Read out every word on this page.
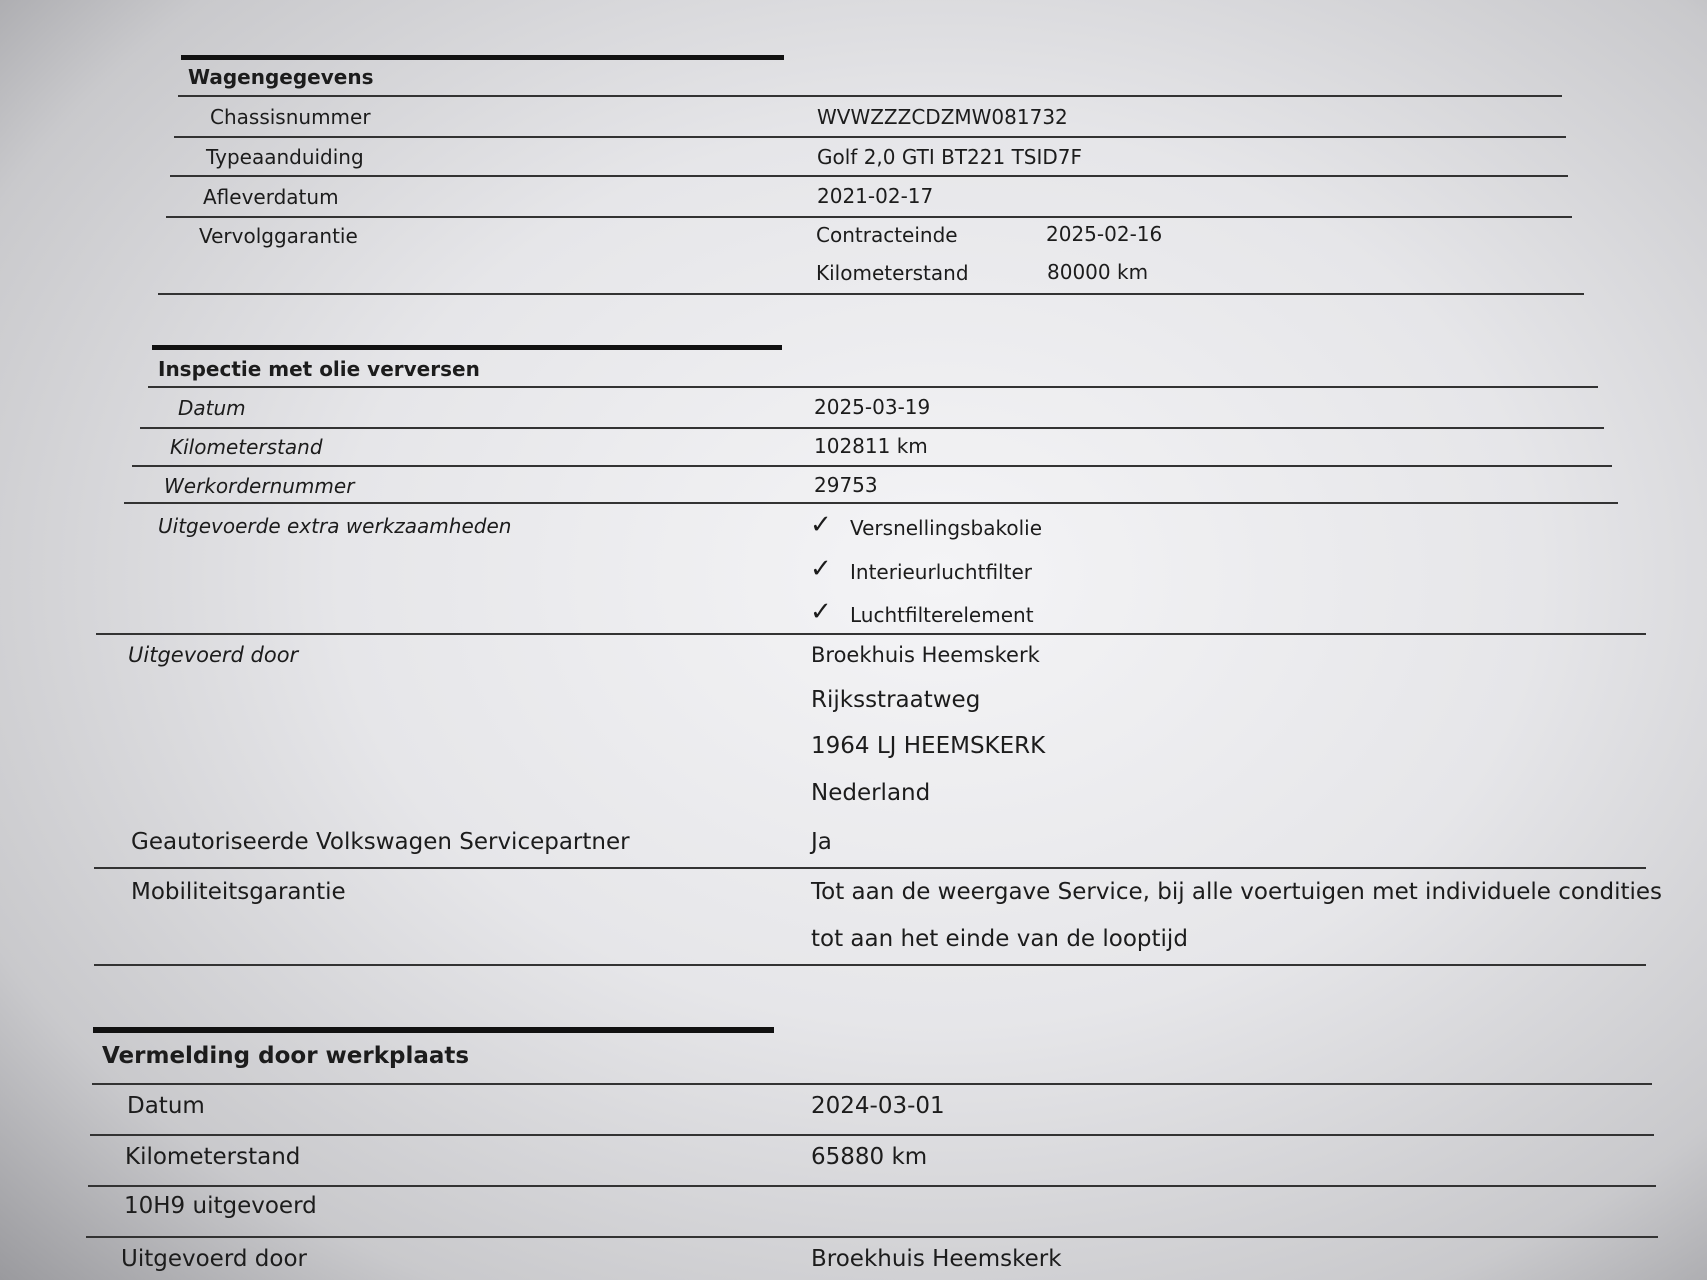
Wagengegevens
Chassisnummer	WVWZZZCDZMW081732
Typeaanduiding	Golf 2,0 GTI BT221 TSID7F
Afleverdatum	2021-02-17
Vervolggarantie	Contracteinde	2025-02-16
Kilometerstand	80000 km
Inspectie met olie verversen
Datum	2025-03-19
Kilometerstand	102811 km
Werkordernummer	29753
Uitgevoerde extra werkzaamheden	✓ Versnellingsbakolie
✓ Interieurluchtfilter
✓ Luchtfilterelement
Uitgevoerd door	Broekhuis Heemskerk
Rijksstraatweg
1964 LJ HEEMSKERK
Nederland
Geautoriseerde Volkswagen Servicepartner	Ja
Mobiliteitsgarantie	Tot aan de weergave Service, bij alle voertuigen met individuele condities
tot aan het einde van de looptijd
Vermelding door werkplaats
Datum	2024-03-01
Kilometerstand	65880 km
10H9 uitgevoerd
Uitgevoerd door	Broekhuis Heemskerk
